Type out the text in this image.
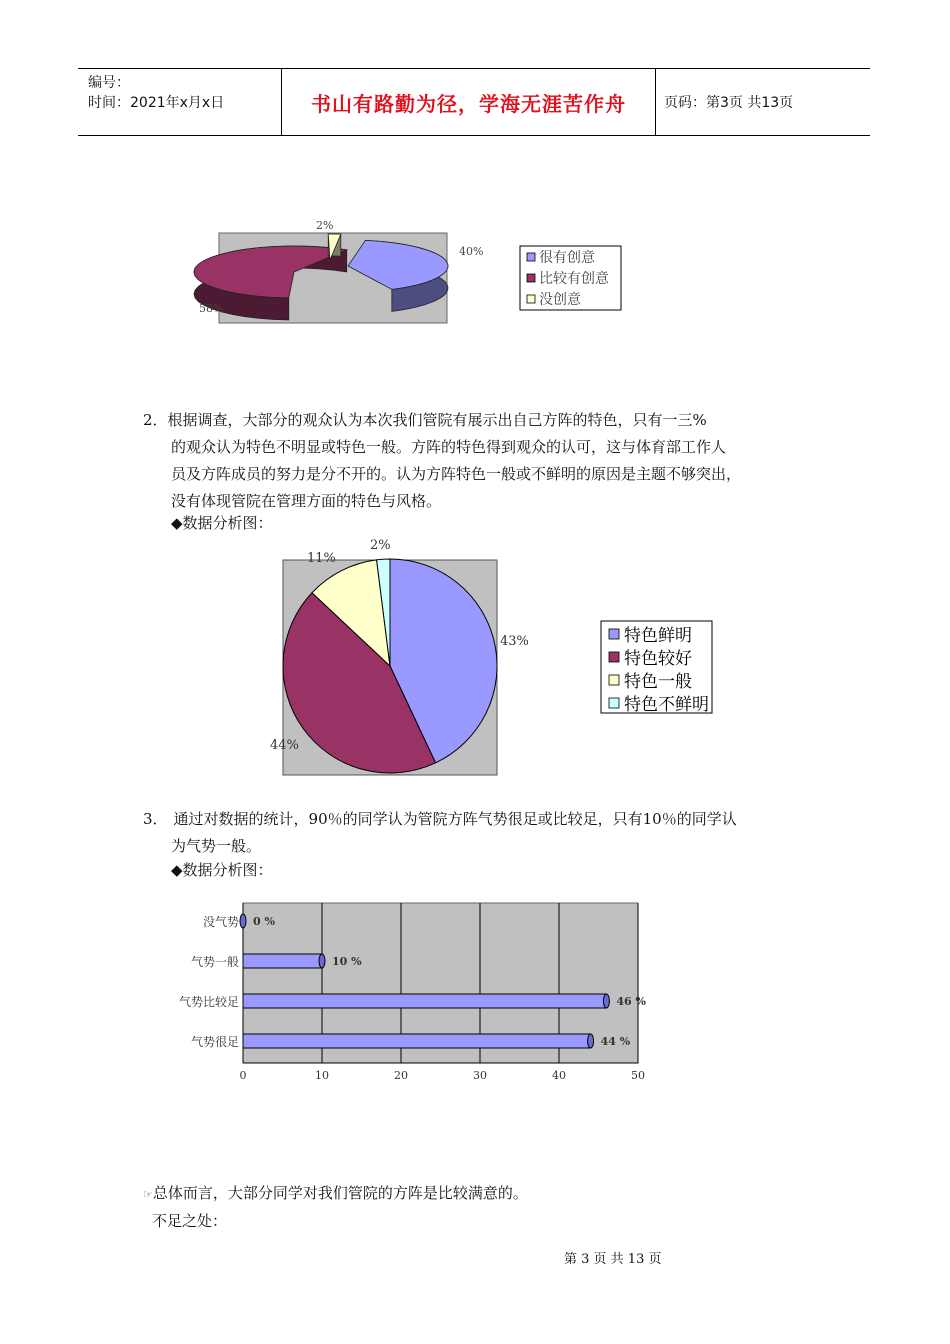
编号：
时间：2021年x月x日	书山有路勤为径，学海无涯苦作舟	页码：第3页 共13页
40%
58%
2%
很有创意
比较有创意
没创意
2．根据调查，大部分的观众认为本次我们管院有展示出自己方阵的特色，只有一三%
的观众认为特色不明显或特色一般。方阵的特色得到观众的认可，这与体育部工作人
员及方阵成员的努力是分不开的。认为方阵特色一般或不鲜明的原因是主题不够突出，
没有体现管院在管理方面的特色与风格。
◆数据分析图：
43%
44%
11%
2%
特色鲜明
特色较好
特色一般
特色不鲜明
3． 通过对数据的统计，90％的同学认为管院方阵气势很足或比较足，只有10％的同学认
为气势一般。
◆数据分析图：
0	10	20	30	40	50
没气势 0 %
气势一般	10 %
气势比较足	46 %
气势很足	44 %
☞总体而言，大部分同学对我们管院的方阵是比较满意的。
不足之处：
第 3 页 共 13 页
